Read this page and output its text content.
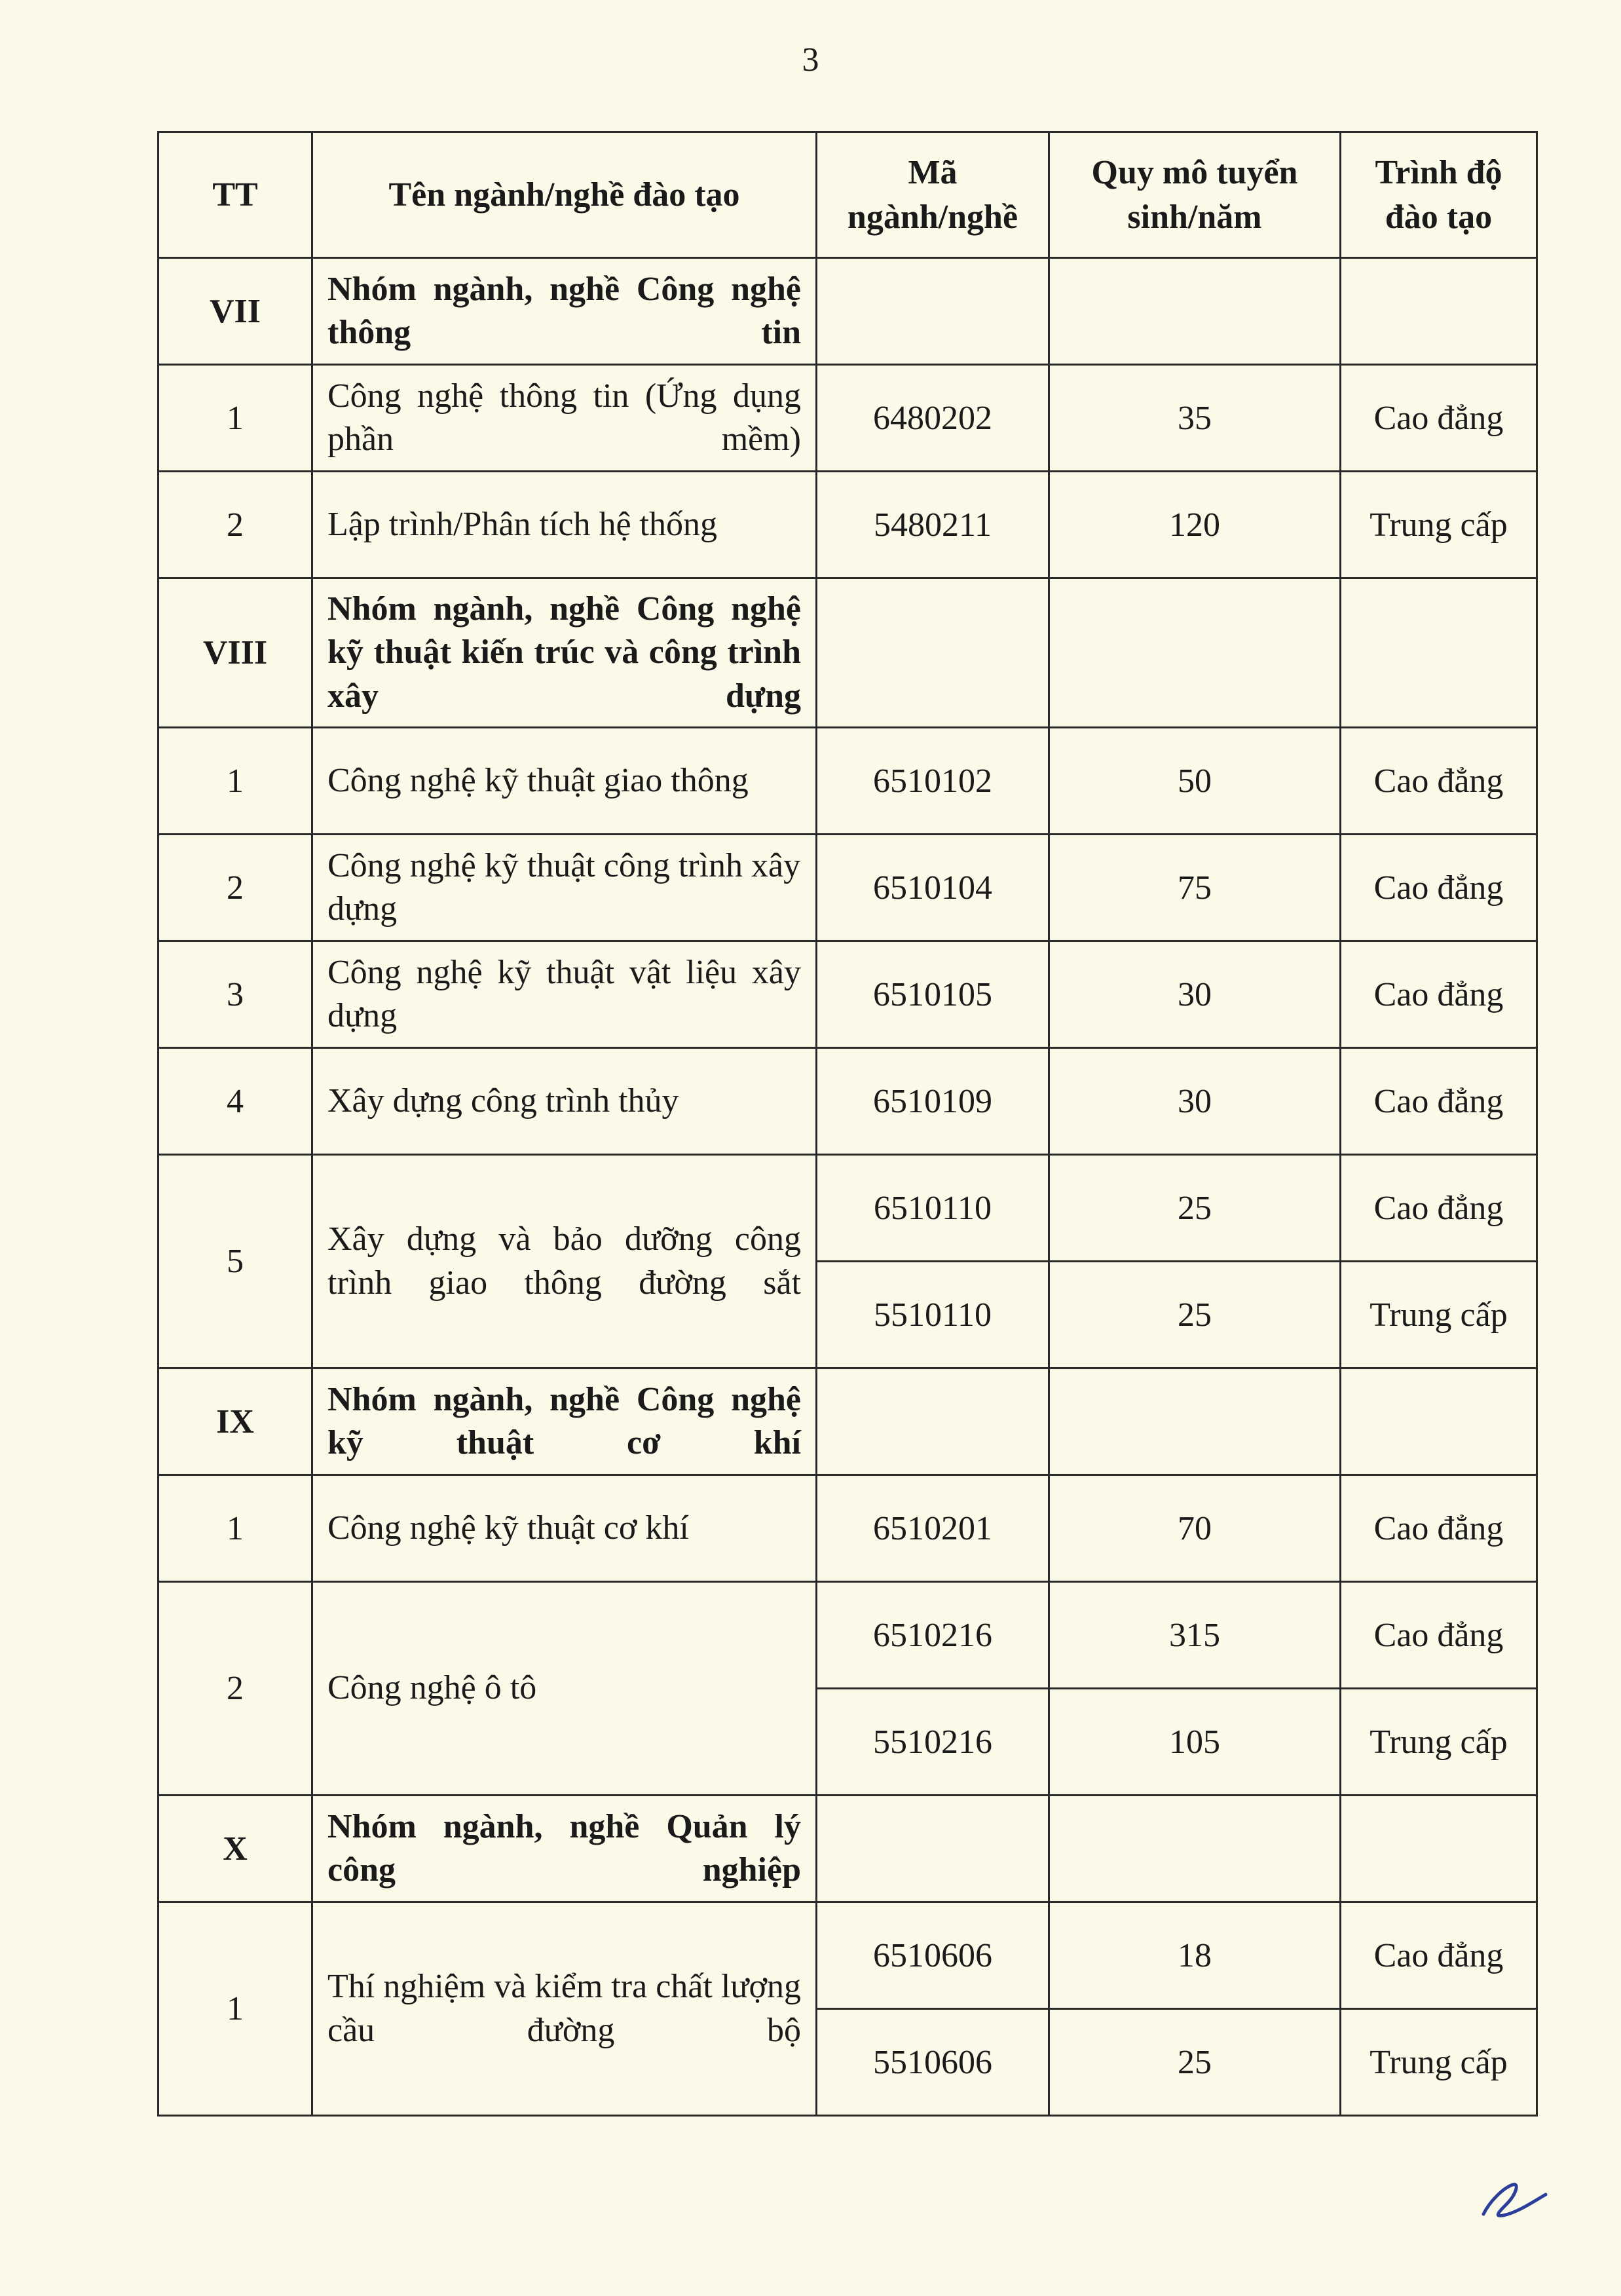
3
TT	Tên ngành/nghề đào tạo	Mã ngành/nghề	Quy mô tuyển sinh/năm	Trình độ đào tạo
VII	Nhóm ngành, nghề Công nghệ thông tin			
1	Công nghệ thông tin (Ứng dụng phần mềm)	6480202	35	Cao đẳng
2	Lập trình/Phân tích hệ thống	5480211	120	Trung cấp
VIII	Nhóm ngành, nghề Công nghệ kỹ thuật kiến trúc và công trình xây dựng			
1	Công nghệ kỹ thuật giao thông	6510102	50	Cao đẳng
2	Công nghệ kỹ thuật công trình xây dựng	6510104	75	Cao đẳng
3	Công nghệ kỹ thuật vật liệu xây dựng	6510105	30	Cao đẳng
4	Xây dựng công trình thủy	6510109	30	Cao đẳng
5	Xây dựng và bảo dưỡng công trình giao thông đường sắt	6510110	25	Cao đẳng
		5510110	25	Trung cấp
IX	Nhóm ngành, nghề Công nghệ kỹ thuật cơ khí			
1	Công nghệ kỹ thuật cơ khí	6510201	70	Cao đẳng
2	Công nghệ ô tô	6510216	315	Cao đẳng
		5510216	105	Trung cấp
X	Nhóm ngành, nghề Quản lý công nghiệp			
1	Thí nghiệm và kiểm tra chất lượng cầu đường bộ	6510606	18	Cao đẳng
		5510606	25	Trung cấp
